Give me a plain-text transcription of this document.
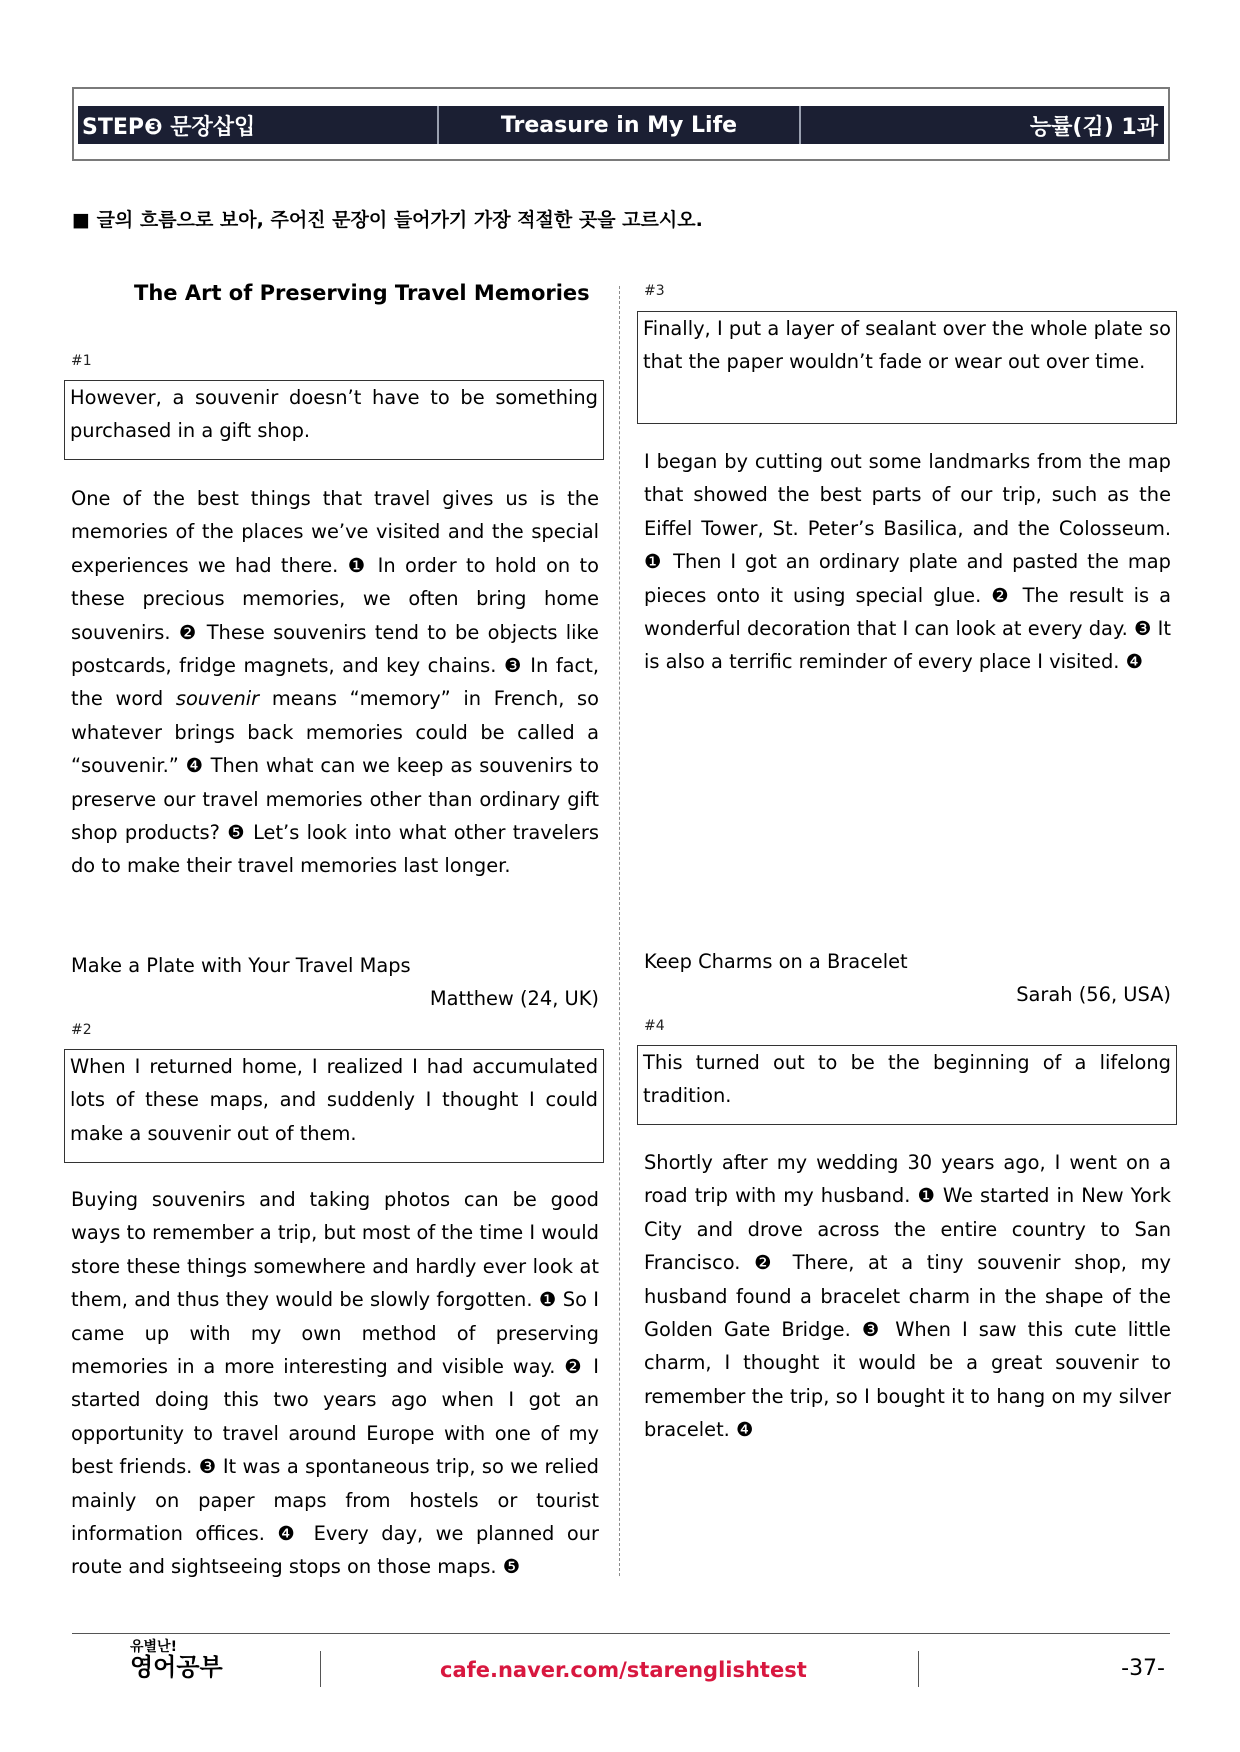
STEP❸ 문장삽입	Treasure in My Life	능률(김) 1과
■ 글의 흐름으로 보아, 주어진 문장이 들어가기 가장 적절한 곳을 고르시오.
The Art of Preserving Travel Memories
#1
However, a souvenir doesn’t have to be something purchased in a gift shop.
One of the best things that travel gives us is the memories of the places we’ve visited and the special experiences we had there. ❶ In order to hold on to these precious memories, we often bring home souvenirs. ❷ These souvenirs tend to be objects like postcards, fridge magnets, and key chains. ❸ In fact, the word souvenir means “memory” in French, so whatever brings back memories could be called a “souvenir.” ❹ Then what can we keep as souvenirs to preserve our travel memories other than ordinary gift shop products? ❺ Let’s look into what other travelers do to make their travel memories last longer.
Make a Plate with Your Travel Maps
Matthew (24, UK)
#2
When I returned home, I realized I had accumulated lots of these maps, and suddenly I thought I could make a souvenir out of them.
Buying souvenirs and taking photos can be good ways to remember a trip, but most of the time I would store these things somewhere and hardly ever look at them, and thus they would be slowly forgotten. ❶ So I came up with my own method of preserving memories in a more interesting and visible way. ❷ I started doing this two years ago when I got an opportunity to travel around Europe with one of my best friends. ❸ It was a spontaneous trip, so we relied mainly on paper maps from hostels or tourist information offices. ❹ Every day, we planned our route and sightseeing stops on those maps. ❺
#3
Finally, I put a layer of sealant over the whole plate so that the paper wouldn’t fade or wear out over time.
I began by cutting out some landmarks from the map that showed the best parts of our trip, such as the Eiffel Tower, St. Peter’s Basilica, and the Colosseum. ❶ Then I got an ordinary plate and pasted the map pieces onto it using special glue. ❷ The result is a wonderful decoration that I can look at every day. ❸ It is also a terrific reminder of every place I visited. ❹
Keep Charms on a Bracelet
Sarah (56, USA)
#4
This turned out to be the beginning of a lifelong tradition.
Shortly after my wedding 30 years ago, I went on a road trip with my husband. ❶ We started in New York City and drove across the entire country to San Francisco. ❷ There, at a tiny souvenir shop, my husband found a bracelet charm in the shape of the Golden Gate Bridge. ❸ When I saw this cute little charm, I thought it would be a great souvenir to remember the trip, so I bought it to hang on my silver bracelet. ❹
유별난!
영어공부	cafe.naver.com/starenglishtest	-37-
